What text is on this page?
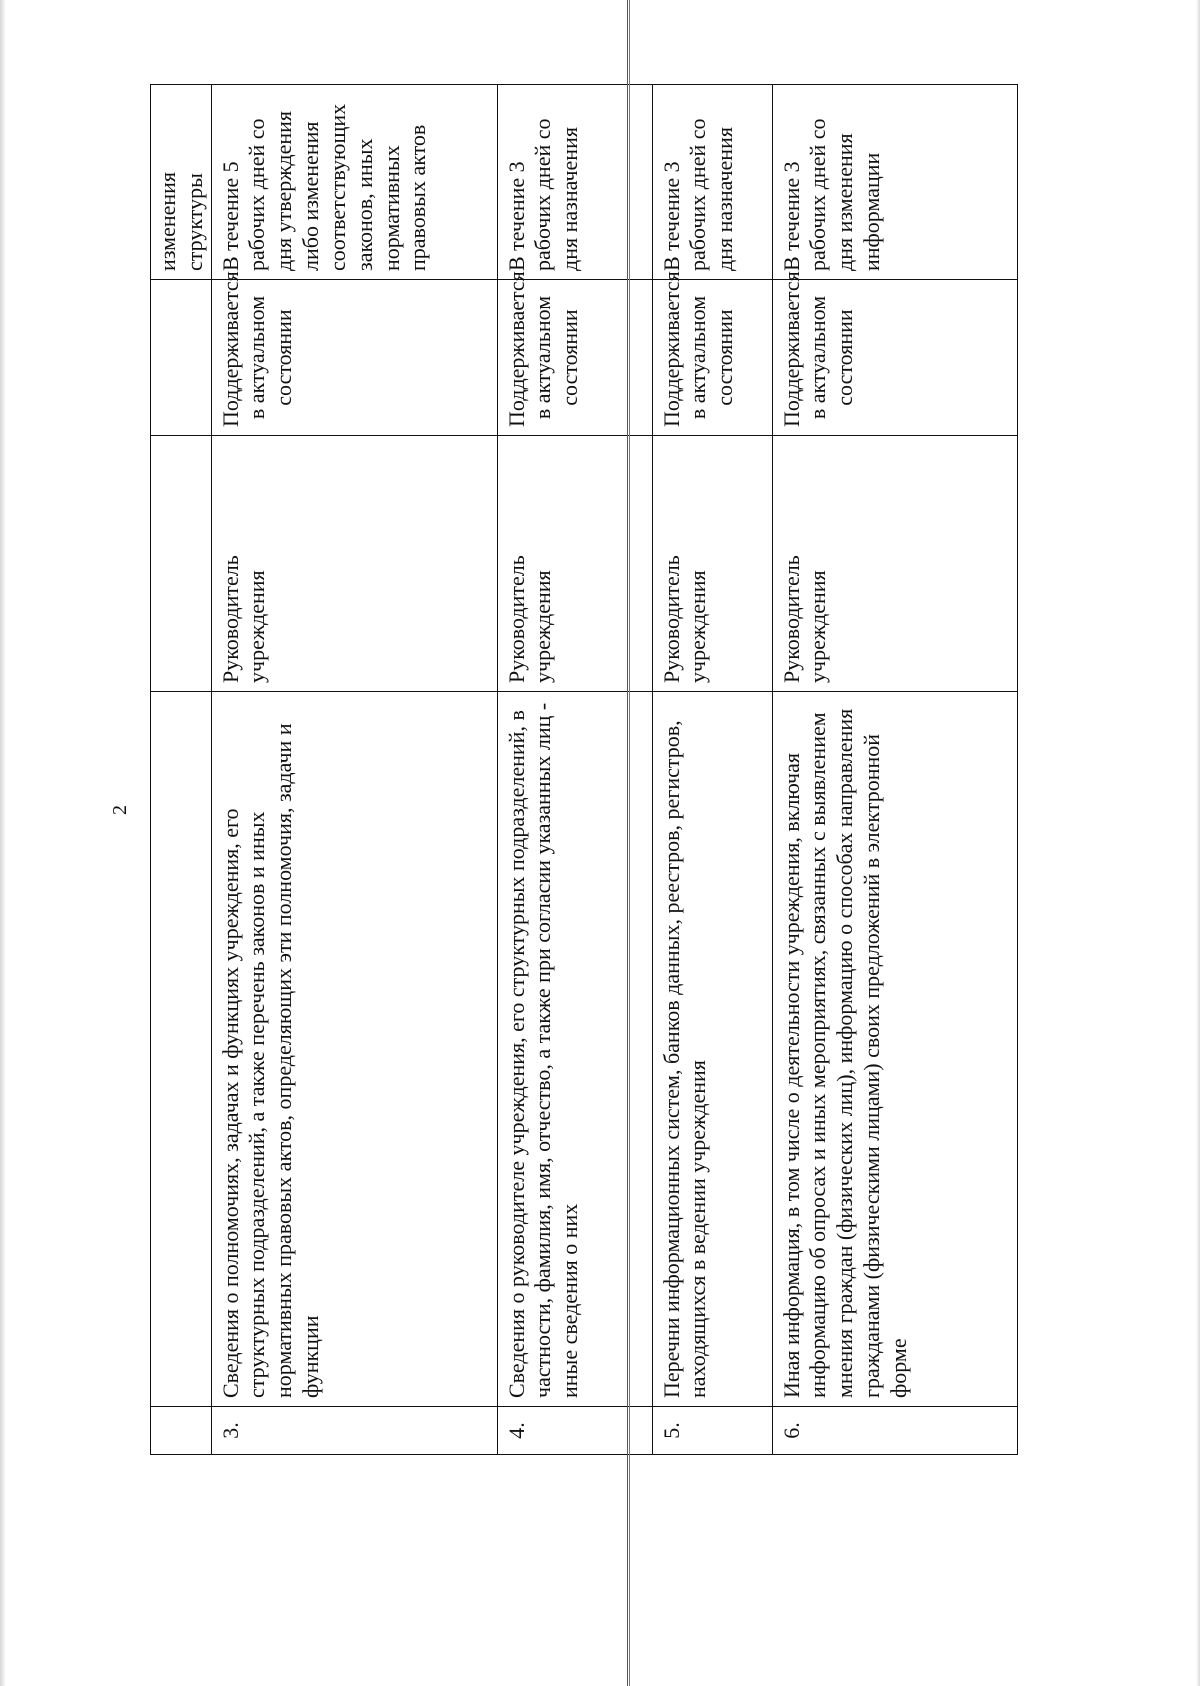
2
				изменения структуры
3.	Сведения о полномочиях, задачах и функциях учреждения, его структурных подразделений, а также перечень законов и иных нормативных правовых актов, определяющих эти полномочия, задачи и функции	Руководитель учреждения	Поддерживается в актуальном состоянии	В течение 5 рабочих дней со дня утверждения либо изменения соответствующих законов, иных нормативных правовых актов
4.	Сведения о руководителе учреждения, его структурных подразделений, в частности, фамилия, имя, отчество, а также при согласии указанных лиц - иные сведения о них	Руководитель учреждения	Поддерживается в актуальном состоянии	В течение 3 рабочих дней со дня назначения
5.	Перечни информационных систем, банков данных, реестров, регистров, находящихся в ведении учреждения	Руководитель учреждения	Поддерживается в актуальном состоянии	В течение 3 рабочих дней со дня назначения
6.	Иная информация, в том числе о деятельности учреждения, включая информацию об опросах и иных мероприятиях, связанных с выявлением мнения граждан (физических лиц), информацию о способах направления гражданами (физическими лицами) своих предложений в электронной форме	Руководитель учреждения	Поддерживается в актуальном состоянии	В течение 3 рабочих дней со дня изменения информации
